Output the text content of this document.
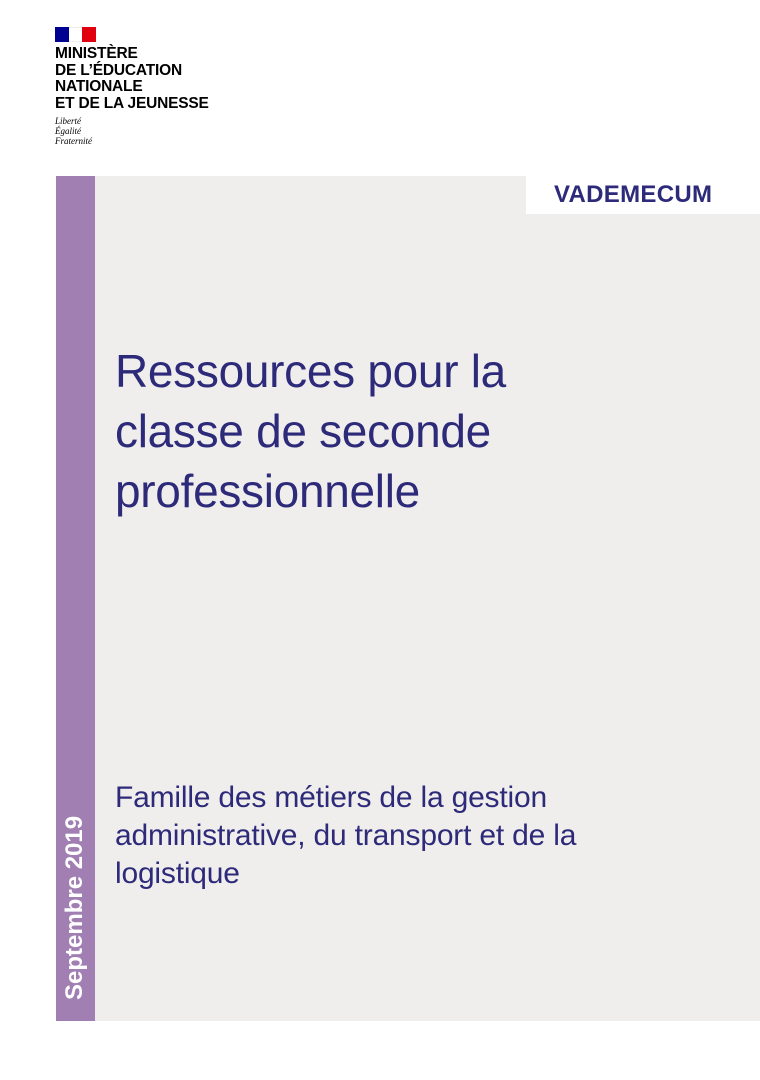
MINISTÈRE
DE L’ÉDUCATION
NATIONALE
ET DE LA JEUNESSE
Liberté
Égalité
Fraternité
Septembre 2019
VADEMECUM
Ressources pour la
classe de seconde
professionnelle
Famille des métiers de la gestion
administrative, du transport et de la
logistique
